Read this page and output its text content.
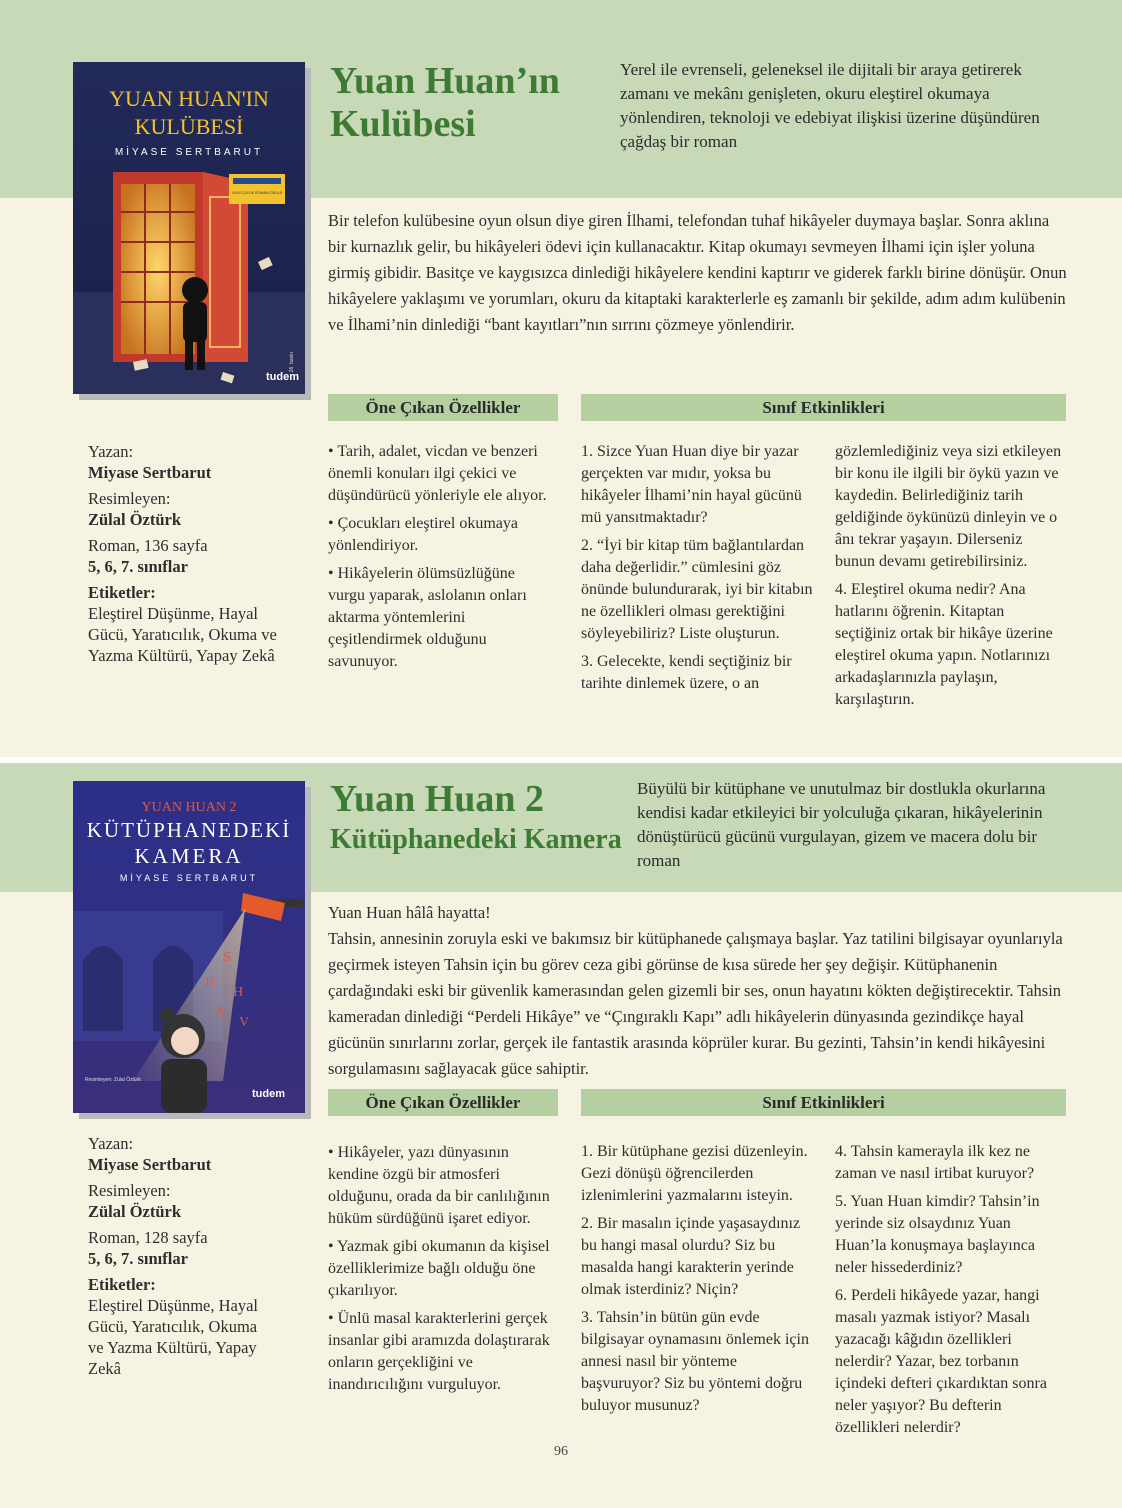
YUAN HUAN'IN
KULÜBESİ
MİYASE SERTBARUT
YILIN ÇOCUK ROMANI ÖDÜLÜ
26. baskı
tudem
Yuan Huan’ın
Kulübesi
Yerel ile evrenseli, geleneksel ile dijitali bir araya getirerek zamanı ve mekânı genişleten, okuru eleştirel okumaya yönlendiren, teknoloji ve edebiyat ilişkisi üzerine düşündüren çağdaş bir roman
Bir telefon kulübesine oyun olsun diye giren İlhami, telefondan tuhaf hikâyeler duymaya başlar. Sonra aklına bir kurnazlık gelir, bu hikâyeleri ödevi için kullanacaktır. Kitap okumayı sevmeyen İlhami için işler yoluna girmiş gibidir. Basitçe ve kaygısızca dinlediği hikâyelere kendini kaptırır ve giderek farklı birine dönüşür. Onun hikâyelere yaklaşımı ve yorumları, okuru da kitaptaki karakterlerle eş zamanlı bir şekilde, adım adım kulübenin ve İlhami’nin dinlediği “bant kayıtları”nın sırrını çözmeye yönlendirir.
Öne Çıkan Özellikler	Sınıf Etkinlikleri
Yazan:
Miyase Sertbarut
Resimleyen:
Zülal Öztürk
Roman, 136 sayfa
5, 6, 7. sınıflar
Etiketler:
Eleştirel Düşünme, Hayal Gücü, Yaratıcılık, Okuma ve Yazma Kültürü, Yapay Zekâ

• Tarih, adalet, vicdan ve benzeri önemli konuları ilgi çekici ve düşündürücü yönleriyle ele alıyor.

• Çocukları eleştirel okumaya yönlendiriyor.

• Hikâyelerin ölümsüzlüğüne vurgu yaparak, aslolanın onları aktarma yöntemlerini çeşitlendirmek olduğunu savunuyor.

1. Sizce Yuan Huan diye bir yazar gerçekten var mıdır, yoksa bu hikâyeler İlhami’nin hayal gücünü mü yansıtmaktadır?

2. “İyi bir kitap tüm bağlantılardan daha değerlidir.” cümlesini göz önünde bulundurarak, iyi bir kitabın ne özellikleri olması gerektiğini söyleyebiliriz? Liste oluşturun.

3. Gelecekte, kendi seçtiğiniz bir tarihte dinlemek üzere, o an

gözlemlediğiniz veya sizi etkileyen bir konu ile ilgili bir öykü yazın ve kaydedin. Belirlediğiniz tarih geldiğinde öykünüzü dinleyin ve o ânı tekrar yaşayın. Dilerseniz bunun devamı getirebilirsiniz.

4. Eleştirel okuma nedir? Ana hatlarını öğrenin. Kitaptan seçtiğiniz ortak bir hikâye üzerine eleştirel okuma yapın. Notlarınızı arkadaşlarınızla paylaşın, karşılaştırın.

S
B
H
A
V
YUAN HUAN 2
KÜTÜPHANEDEKİ
KAMERA
MİYASE SERTBARUT
Resimleyen: Zülal Öztürk
tudem
Yuan Huan 2
Kütüphanedeki Kamera
Büyülü bir kütüphane ve unutulmaz bir dostlukla okurlarına kendisi kadar etkileyici bir yolculuğa çıkaran, hikâyelerinin dönüştürücü gücünü vurgulayan, gizem ve macera dolu bir roman
Yuan Huan hâlâ hayatta!
Tahsin, annesinin zoruyla eski ve bakımsız bir kütüphanede çalışmaya başlar. Yaz tatilini bilgisayar oyunlarıyla geçirmek isteyen Tahsin için bu görev ceza gibi görünse de kısa sürede her şey değişir. Kütüphanenin çardağındaki eski bir güvenlik kamerasından gelen gizemli bir ses, onun hayatını kökten değiştirecektir. Tahsin kameradan dinlediği “Perdeli Hikâye” ve “Çıngıraklı Kapı” adlı hikâyelerin dünyasında gezindikçe hayal gücünün sınırlarını zorlar, gerçek ile fantastik arasında köprüler kurar. Bu gezinti, Tahsin’in kendi hikâyesini sorgulamasını sağlayacak güce sahiptir.
Öne Çıkan Özellikler	Sınıf Etkinlikleri
Yazan:
Miyase Sertbarut
Resimleyen:
Zülal Öztürk
Roman, 128 sayfa
5, 6, 7. sınıflar
Etiketler:
Eleştirel Düşünme, Hayal Gücü, Yaratıcılık, Okuma ve Yazma Kültürü, Yapay Zekâ

• Hikâyeler, yazı dünyasının kendine özgü bir atmosferi olduğunu, orada da bir canlılığının hüküm sürdüğünü işaret ediyor.

• Yazmak gibi okumanın da kişisel özelliklerimize bağlı olduğu öne çıkarılıyor.

• Ünlü masal karakterlerini gerçek insanlar gibi aramızda dolaştırarak onların gerçekliğini ve inandırıcılığını vurguluyor.

1. Bir kütüphane gezisi düzenleyin. Gezi dönüşü öğrencilerden izlenimlerini yazmalarını isteyin.

2. Bir masalın içinde yaşasaydınız bu hangi masal olurdu? Siz bu masalda hangi karakterin yerinde olmak isterdiniz? Niçin?

3. Tahsin’in bütün gün evde bilgisayar oynamasını önlemek için annesi nasıl bir yönteme başvuruyor? Siz bu yöntemi doğru buluyor musunuz?

4. Tahsin kamerayla ilk kez ne zaman ve nasıl irtibat kuruyor?

5. Yuan Huan kimdir? Tahsin’in yerinde siz olsaydınız Yuan Huan’la konuşmaya başlayınca neler hissederdiniz?

6. Perdeli hikâyede yazar, hangi masalı yazmak istiyor? Masalı yazacağı kâğıdın özellikleri nelerdir? Yazar, bez torbanın içindeki defteri çıkardıktan sonra neler yaşıyor? Bu defterin özellikleri nelerdir?

96
